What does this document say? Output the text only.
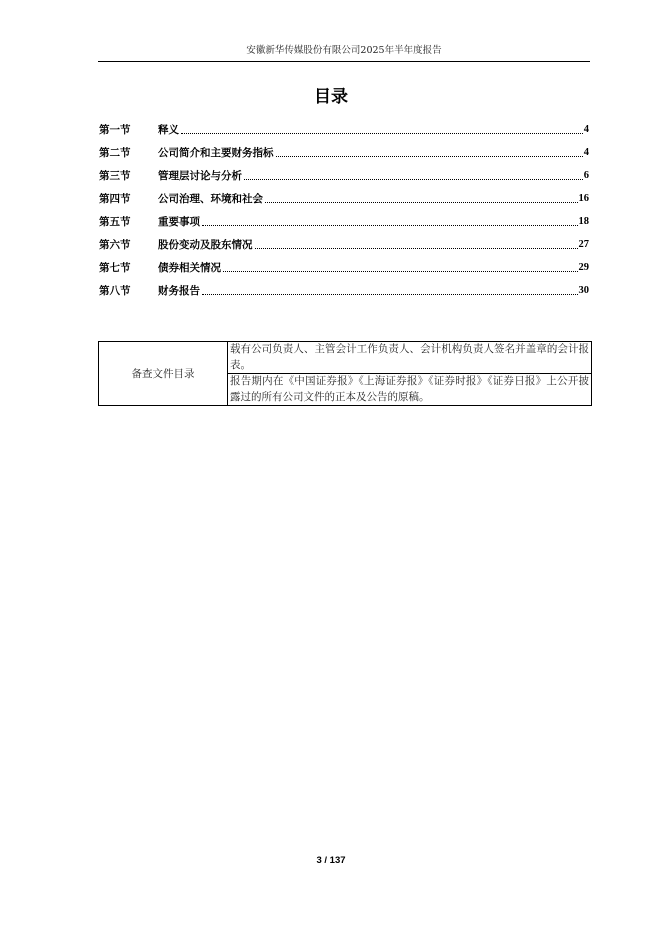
安徽新华传媒股份有限公司2025年半年度报告
目录
第一节	释义	4
第二节	公司简介和主要财务指标	4
第三节	管理层讨论与分析	6
第四节	公司治理、环境和社会	16
第五节	重要事项	18
第六节	股份变动及股东情况	27
第七节	债券相关情况	29
第八节	财务报告	30
备查文件目录	载有公司负责人、主管会计工作负责人、会计机构负责人签名并盖章的会计报表。
报告期内在《中国证券报》《上海证券报》《证券时报》《证券日报》上公开披露过的所有公司文件的正本及公告的原稿。
3 / 137
